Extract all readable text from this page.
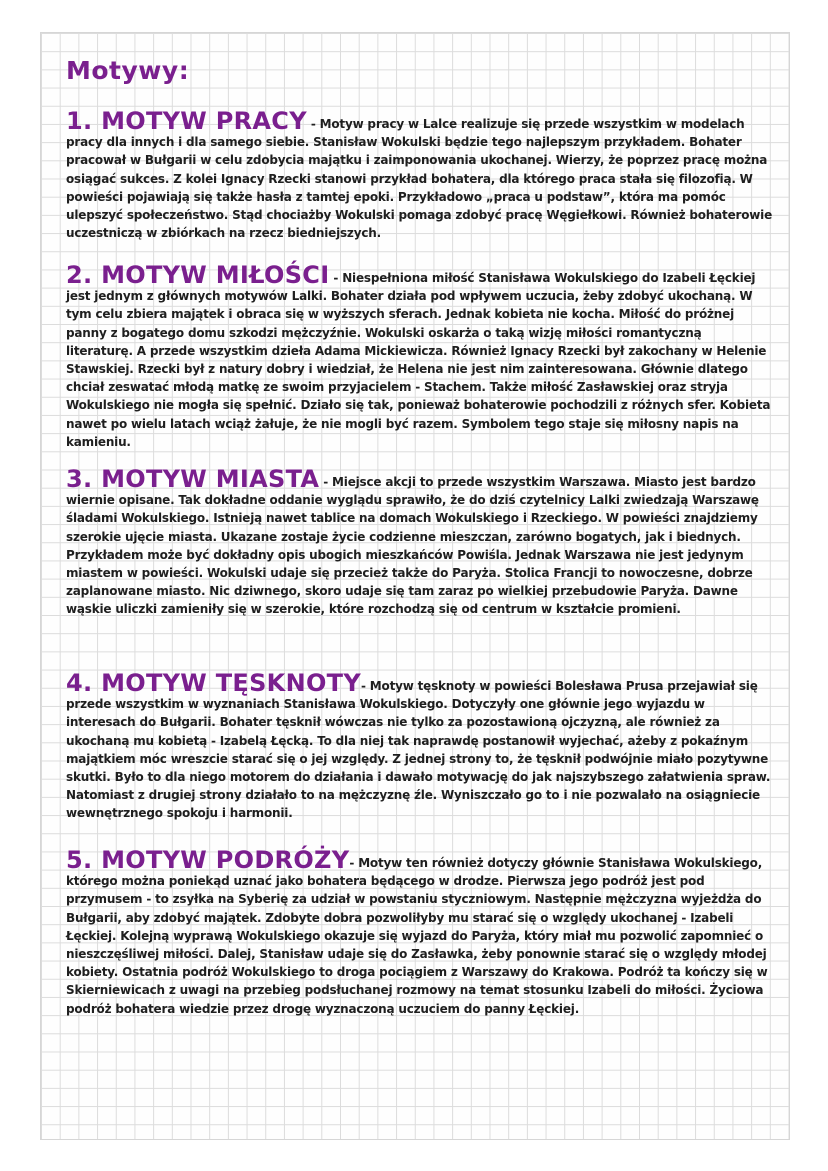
Motywy:

1. MOTYW PRACY - Motyw pracy w Lalce realizuje się przede wszystkim w modelach pracy dla innych i dla samego siebie. Stanisław Wokulski będzie tego najlepszym przykładem. Bohater pracował w Bułgarii w celu zdobycia majątku i zaimponowania ukochanej. Wierzy, że poprzez pracę można osiągać sukces. Z kolei Ignacy Rzecki stanowi przykład bohatera, dla którego praca stała się filozofią. W powieści pojawiają się także hasła z tamtej epoki. Przykładowo „praca u podstaw”, która ma pomóc ulepszyć społeczeństwo. Stąd chociażby Wokulski pomaga zdobyć pracę Węgiełkowi. Również bohaterowie uczestniczą w zbiórkach na rzecz biedniejszych.

2. MOTYW MIŁOŚCI - Niespełniona miłość Stanisława Wokulskiego do Izabeli Łęckiej jest jednym z głównych motywów Lalki. Bohater działa pod wpływem uczucia, żeby zdobyć ukochaną. W tym celu zbiera majątek i obraca się w wyższych sferach. Jednak kobieta nie kocha. Miłość do próżnej panny z bogatego domu szkodzi mężczyźnie. Wokulski oskarża o taką wizję miłości romantyczną literaturę. A przede wszystkim dzieła Adama Mickiewicza. Również Ignacy Rzecki był zakochany w Helenie Stawskiej. Rzecki był z natury dobry i wiedział, że Helena nie jest nim zainteresowana. Głównie dlatego chciał zeswatać młodą matkę ze swoim przyjacielem - Stachem. Także miłość Zasławskiej oraz stryja Wokulskiego nie mogła się spełnić. Działo się tak, ponieważ bohaterowie pochodzili z różnych sfer. Kobieta nawet po wielu latach wciąż żałuje, że nie mogli być razem. Symbolem tego staje się miłosny napis na kamieniu.

3. MOTYW MIASTA - Miejsce akcji to przede wszystkim Warszawa. Miasto jest bardzo wiernie opisane. Tak dokładne oddanie wyglądu sprawiło, że do dziś czytelnicy Lalki zwiedzają Warszawę śladami Wokulskiego. Istnieją nawet tablice na domach Wokulskiego i Rzeckiego. W powieści znajdziemy szerokie ujęcie miasta. Ukazane zostaje życie codzienne mieszczan, zarówno bogatych, jak i biednych. Przykładem może być dokładny opis ubogich mieszkańców Powiśla. Jednak Warszawa nie jest jedynym miastem w powieści. Wokulski udaje się przecież także do Paryża. Stolica Francji to nowoczesne, dobrze zaplanowane miasto. Nic dziwnego, skoro udaje się tam zaraz po wielkiej przebudowie Paryża. Dawne wąskie uliczki zamieniły się w szerokie, które rozchodzą się od centrum w kształcie promieni.

4. MOTYW TĘSKNOTY- Motyw tęsknoty w powieści Bolesława Prusa przejawiał się przede wszystkim w wyznaniach Stanisława Wokulskiego. Dotyczyły one głównie jego wyjazdu w interesach do Bułgarii. Bohater tęsknił wówczas nie tylko za pozostawioną ojczyzną, ale również za ukochaną mu kobietą - Izabelą Łęcką. To dla niej tak naprawdę postanowił wyjechać, ażeby z pokaźnym majątkiem móc wreszcie starać się o jej względy. Z jednej strony to, że tęsknił podwójnie miało pozytywne skutki. Było to dla niego motorem do działania i dawało motywację do jak najszybszego załatwienia spraw. Natomiast z drugiej strony działało to na mężczyznę źle. Wyniszczało go to i nie pozwalało na osiągniecie wewnętrznego spokoju i harmonii.

5. MOTYW PODRÓŻY- Motyw ten również dotyczy głównie Stanisława Wokulskiego, którego można poniekąd uznać jako bohatera będącego w drodze. Pierwsza jego podróż jest pod przymusem - to zsyłka na Syberię za udział w powstaniu styczniowym. Następnie mężczyzna wyjeżdża do Bułgarii, aby zdobyć majątek. Zdobyte dobra pozwoliłyby mu starać się o względy ukochanej - Izabeli Łęckiej. Kolejną wyprawą Wokulskiego okazuje się wyjazd do Paryża, który miał mu pozwolić zapomnieć o nieszczęśliwej miłości. Dalej, Stanisław udaje się do Zasławka, żeby ponownie starać się o względy młodej kobiety. Ostatnia podróż Wokulskiego to droga pociągiem z Warszawy do Krakowa. Podróż ta kończy się w Skierniewicach z uwagi na przebieg podsłuchanej rozmowy na temat stosunku Izabeli do miłości. Życiowa podróż bohatera wiedzie przez drogę wyznaczoną uczuciem do panny Łęckiej.
